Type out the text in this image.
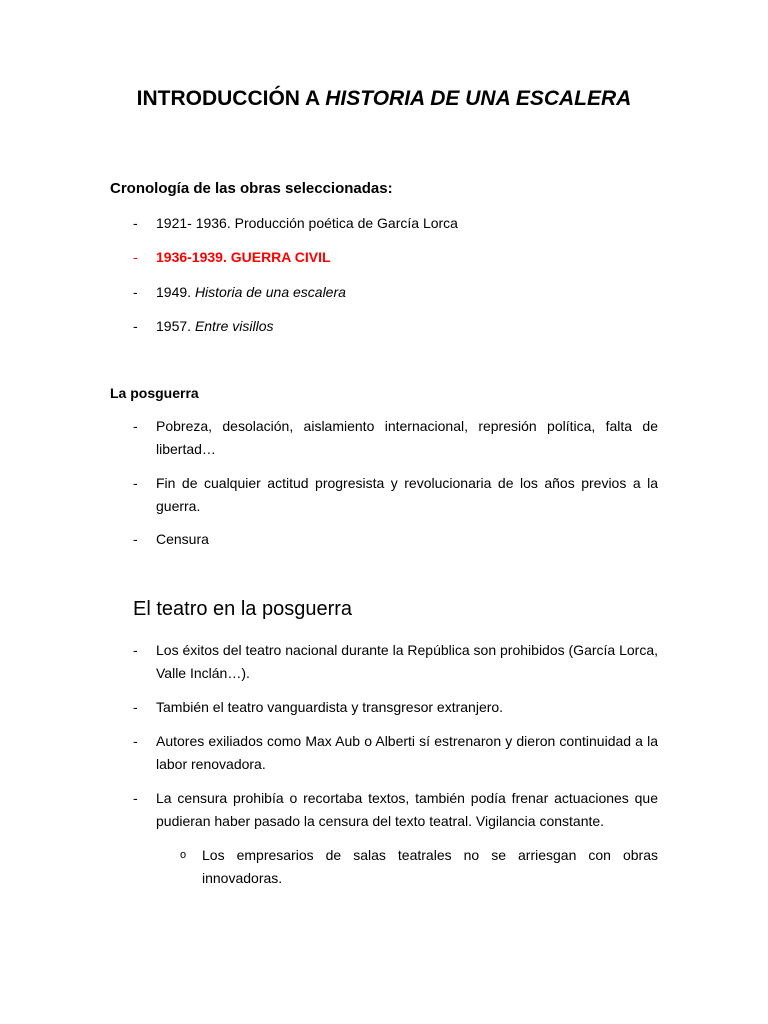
INTRODUCCIÓN A HISTORIA DE UNA ESCALERA
Cronología de las obras seleccionadas:
-	1921- 1936. Producción poética de García Lorca
-	1936-1939. GUERRA CIVIL
-	1949. Historia de una escalera
-	1957. Entre visillos
La posguerra
-	Pobreza, desolación, aislamiento internacional, represión política, falta de libertad…
-	Fin de cualquier actitud progresista y revolucionaria de los años previos a la guerra.
-	Censura
El teatro en la posguerra
-	Los éxitos del teatro nacional durante la República son prohibidos (García Lorca, Valle Inclán…).
-	También el teatro vanguardista y transgresor extranjero.
-	Autores exiliados como Max Aub o Alberti sí estrenaron y dieron continuidad a la labor renovadora.
-	La censura prohibía o recortaba textos, también podía frenar actuaciones que pudieran haber pasado la censura del texto teatral. Vigilancia constante.
o Los empresarios de salas teatrales no se arriesgan con obras innovadoras.
